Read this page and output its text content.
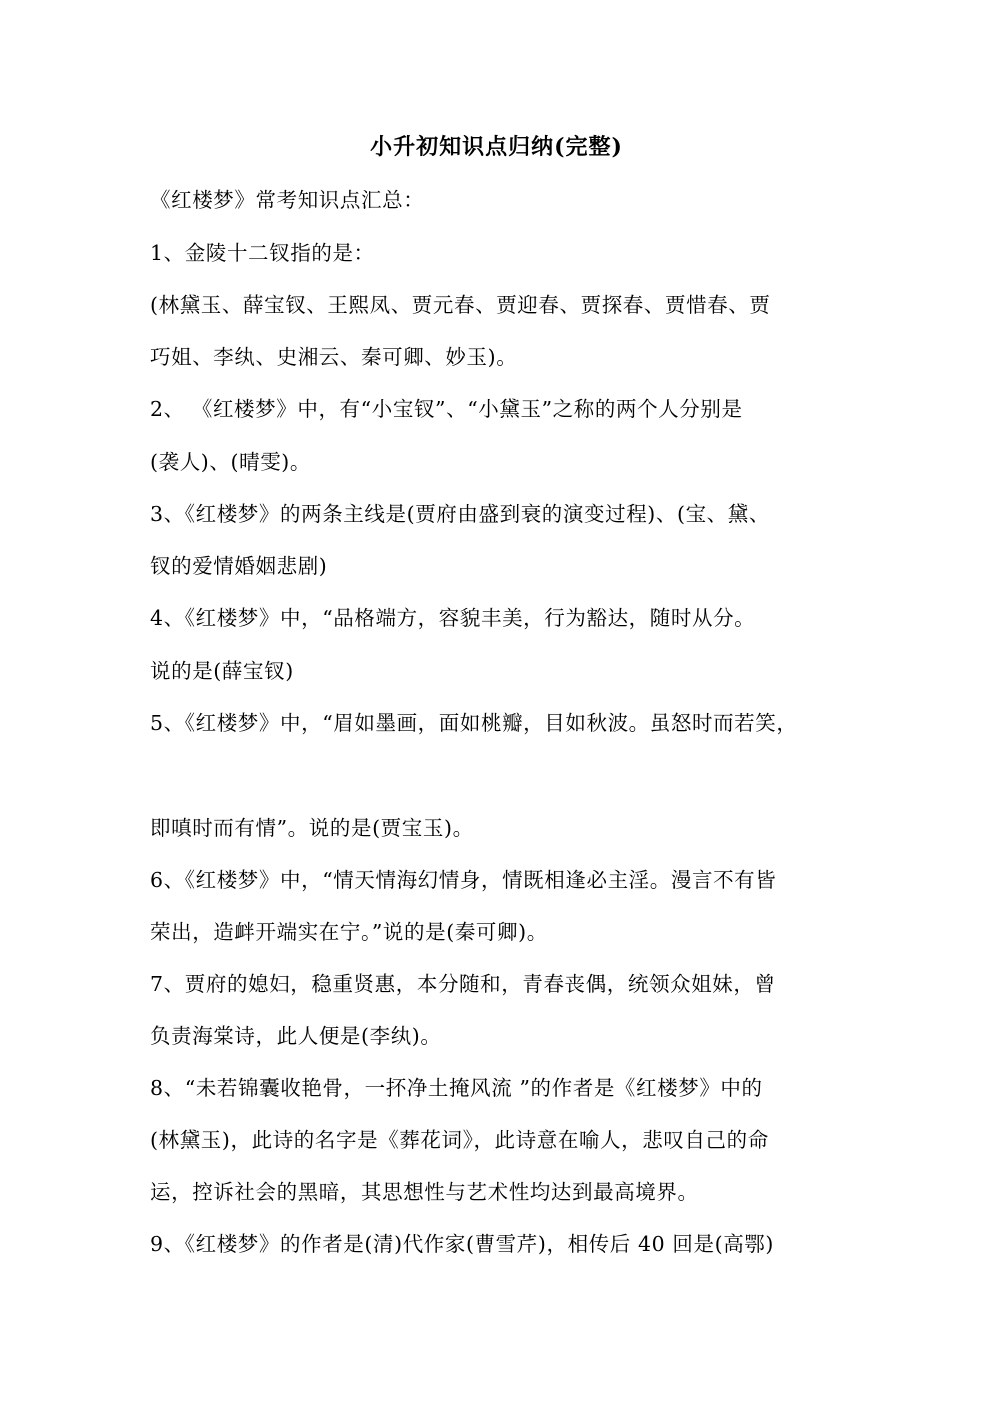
小升初知识点归纳(完整)
《红楼梦》常考知识点汇总：
1、金陵十二钗指的是：
(林黛玉、薛宝钗、王熙凤、贾元春、贾迎春、贾探春、贾惜春、贾
巧姐、李纨、史湘云、秦可卿、妙玉)。
2、 《红楼梦》中，有“小宝钗”、“小黛玉”之称的两个人分别是
(袭人)、(晴雯)。
3、《红楼梦》的两条主线是(贾府由盛到衰的演变过程)、(宝、黛、
钗的爱情婚姻悲剧)
4、《红楼梦》中，“品格端方，容貌丰美，行为豁达，随时从分。
说的是(薛宝钗)
5、《红楼梦》中，“眉如墨画，面如桃瓣，目如秋波。虽怒时而若笑，
即嗔时而有情”。说的是(贾宝玉)。
6、《红楼梦》中，“情天情海幻情身，情既相逢必主淫。漫言不有皆
荣出，造衅开端实在宁。”说的是(秦可卿)。
7、贾府的媳妇，稳重贤惠，本分随和，青春丧偶，统领众姐妹，曾
负责海棠诗，此人便是(李纨)。
8、“未若锦囊收艳骨，一抔净土掩风流 ”的作者是《红楼梦》中的
(林黛玉)，此诗的名字是《葬花词》，此诗意在喻人，悲叹自己的命
运，控诉社会的黑暗，其思想性与艺术性均达到最高境界。
9、《红楼梦》的作者是(清)代作家(曹雪芹)，相传后 40 回是(高鄂)
